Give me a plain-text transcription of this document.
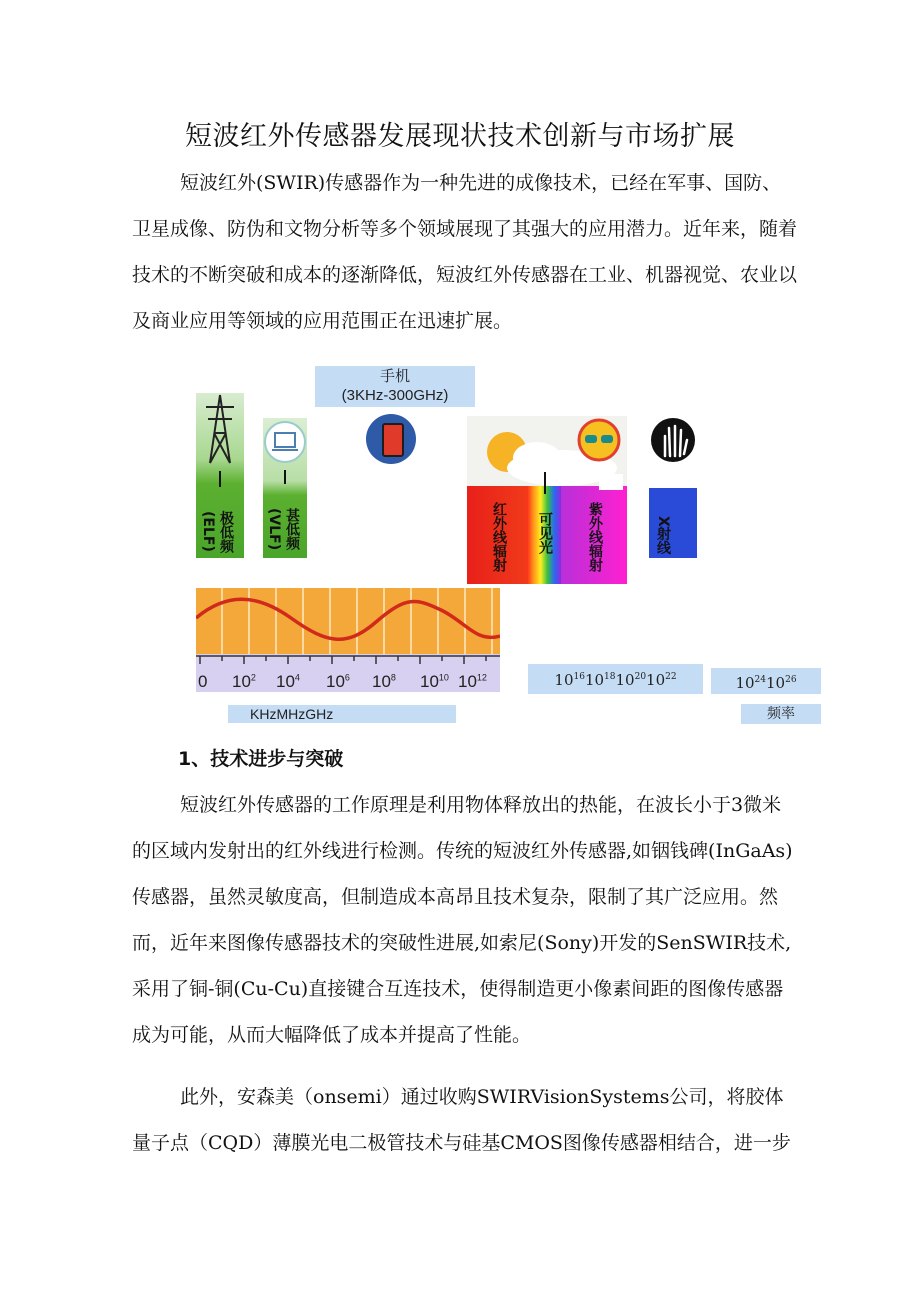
短波红外传感器发展现状技术创新与市场扩展

短波红外(SWIR)传感器作为一种先进的成像技术，已经在军事、国防、卫星成像、防伪和文物分析等多个领域展现了其强大的应用潜力。近年来，随着技术的不断突破和成本的逐渐降低，短波红外传感器在工业、机器视觉、农业以及商业应用等领域的应用范围正在迅速扩展。

手机
(3KHz-300GHz)
极低频(ELF)	甚低频(VLF)	红外线辐射 可见光 紫外线辐射	X射线
0 $10^2$ $10^4$ $10^6$ $10^8$ $10^{10}$ $10^{12}$
KHzMHzGHz
$10^{16}10^{18}10^{20}10^{22}$	$10^{24}10^{26}$
频率
1、技术进步与突破

短波红外传感器的工作原理是利用物体释放出的热能，在波长小于3微米的区域内发射出的红外线进行检测。传统的短波红外传感器,如铟钱碑(InGaAs)传感器，虽然灵敏度高，但制造成本高昂且技术复杂，限制了其广泛应用。然而，近年来图像传感器技术的突破性进展,如索尼(Sony)开发的SenSWIR技术,采用了铜-铜(Cu-Cu)直接键合互连技术，使得制造更小像素间距的图像传感器成为可能，从而大幅降低了成本并提高了性能。

此外，安森美（onsemi）通过收购SWIRVisionSystems公司，将胶体量子点（CQD）薄膜光电二极管技术与硅基CMOS图像传感器相结合，进一步
